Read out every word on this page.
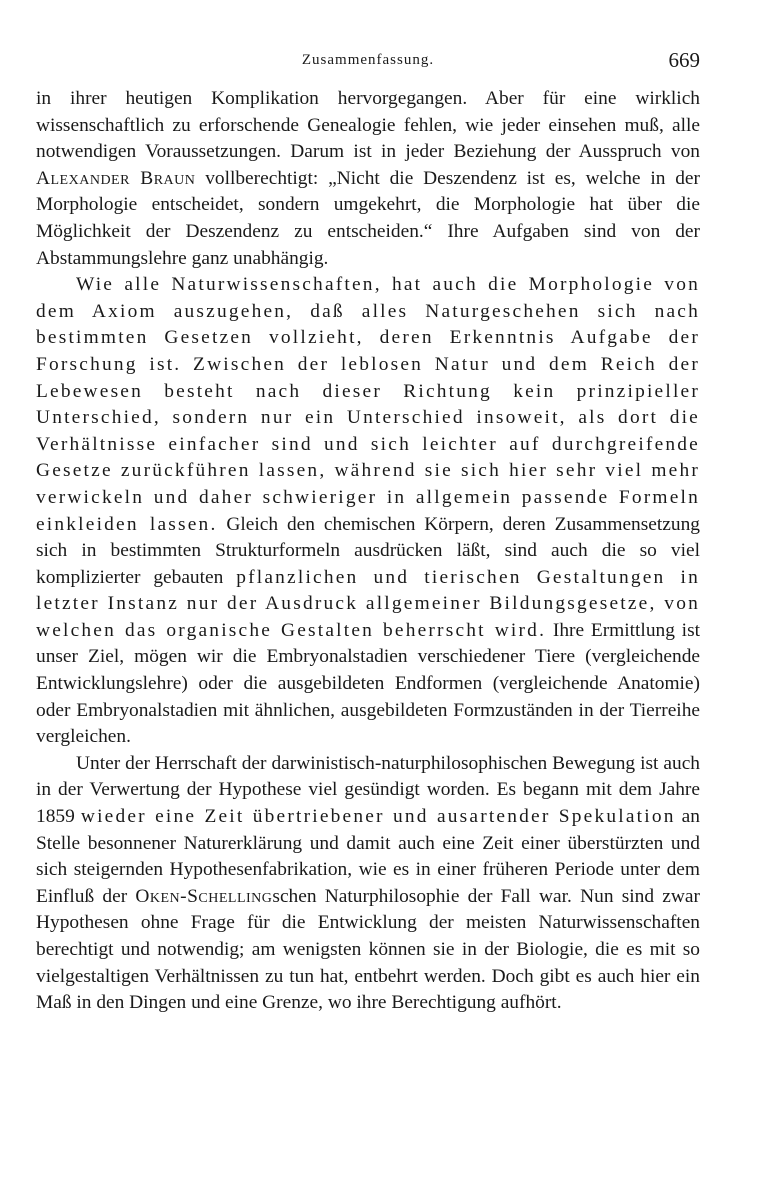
Zusammenfassung.	669

in ihrer heutigen Komplikation hervorgegangen. Aber für eine wirklich wissenschaftlich zu erforschende Genealogie fehlen, wie jeder einsehen muß, alle notwendigen Voraussetzungen. Darum ist in jeder Beziehung der Ausspruch von Alexander Braun vollberechtigt: „Nicht die Deszendenz ist es, welche in der Morphologie entscheidet, sondern umgekehrt, die Morphologie hat über die Möglichkeit der Deszendenz zu entscheiden.“ Ihre Aufgaben sind von der Abstammungslehre ganz unabhängig.

Wie alle Naturwissenschaften, hat auch die Morphologie von dem Axiom auszugehen, daß alles Naturgeschehen sich nach bestimmten Gesetzen vollzieht, deren Erkenntnis Aufgabe der Forschung ist. Zwischen der leblosen Natur und dem Reich der Lebewesen besteht nach dieser Richtung kein prinzipieller Unterschied, sondern nur ein Unterschied insoweit, als dort die Verhältnisse einfacher sind und sich leichter auf durchgreifende Gesetze zurückführen lassen, während sie sich hier sehr viel mehr verwickeln und daher schwieriger in allgemein passende Formeln einkleiden lassen. Gleich den chemischen Körpern, deren Zusammensetzung sich in bestimmten Strukturformeln ausdrücken läßt, sind auch die so viel komplizierter gebauten pflanzlichen und tierischen Gestaltungen in letzter Instanz nur der Ausdruck allgemeiner Bildungsgesetze, von welchen das organische Gestalten beherrscht wird. Ihre Ermittlung ist unser Ziel, mögen wir die Embryonalstadien verschiedener Tiere (vergleichende Entwicklungslehre) oder die ausgebildeten Endformen (vergleichende Anatomie) oder Embryonalstadien mit ähnlichen, ausgebildeten Formzuständen in der Tierreihe vergleichen.

Unter der Herrschaft der darwinistisch-naturphilosophischen Bewegung ist auch in der Verwertung der Hypothese viel gesündigt worden. Es begann mit dem Jahre 1859 wieder eine Zeit übertriebener und ausartender Spekulation an Stelle besonnener Naturerklärung und damit auch eine Zeit einer überstürzten und sich steigernden Hypothesenfabrikation, wie es in einer früheren Periode unter dem Einfluß der Oken-Schellingschen Naturphilosophie der Fall war. Nun sind zwar Hypothesen ohne Frage für die Entwicklung der meisten Naturwissenschaften berechtigt und notwendig; am wenigsten können sie in der Biologie, die es mit so vielgestaltigen Verhältnissen zu tun hat, entbehrt werden. Doch gibt es auch hier ein Maß in den Dingen und eine Grenze, wo ihre Berechtigung aufhört.
